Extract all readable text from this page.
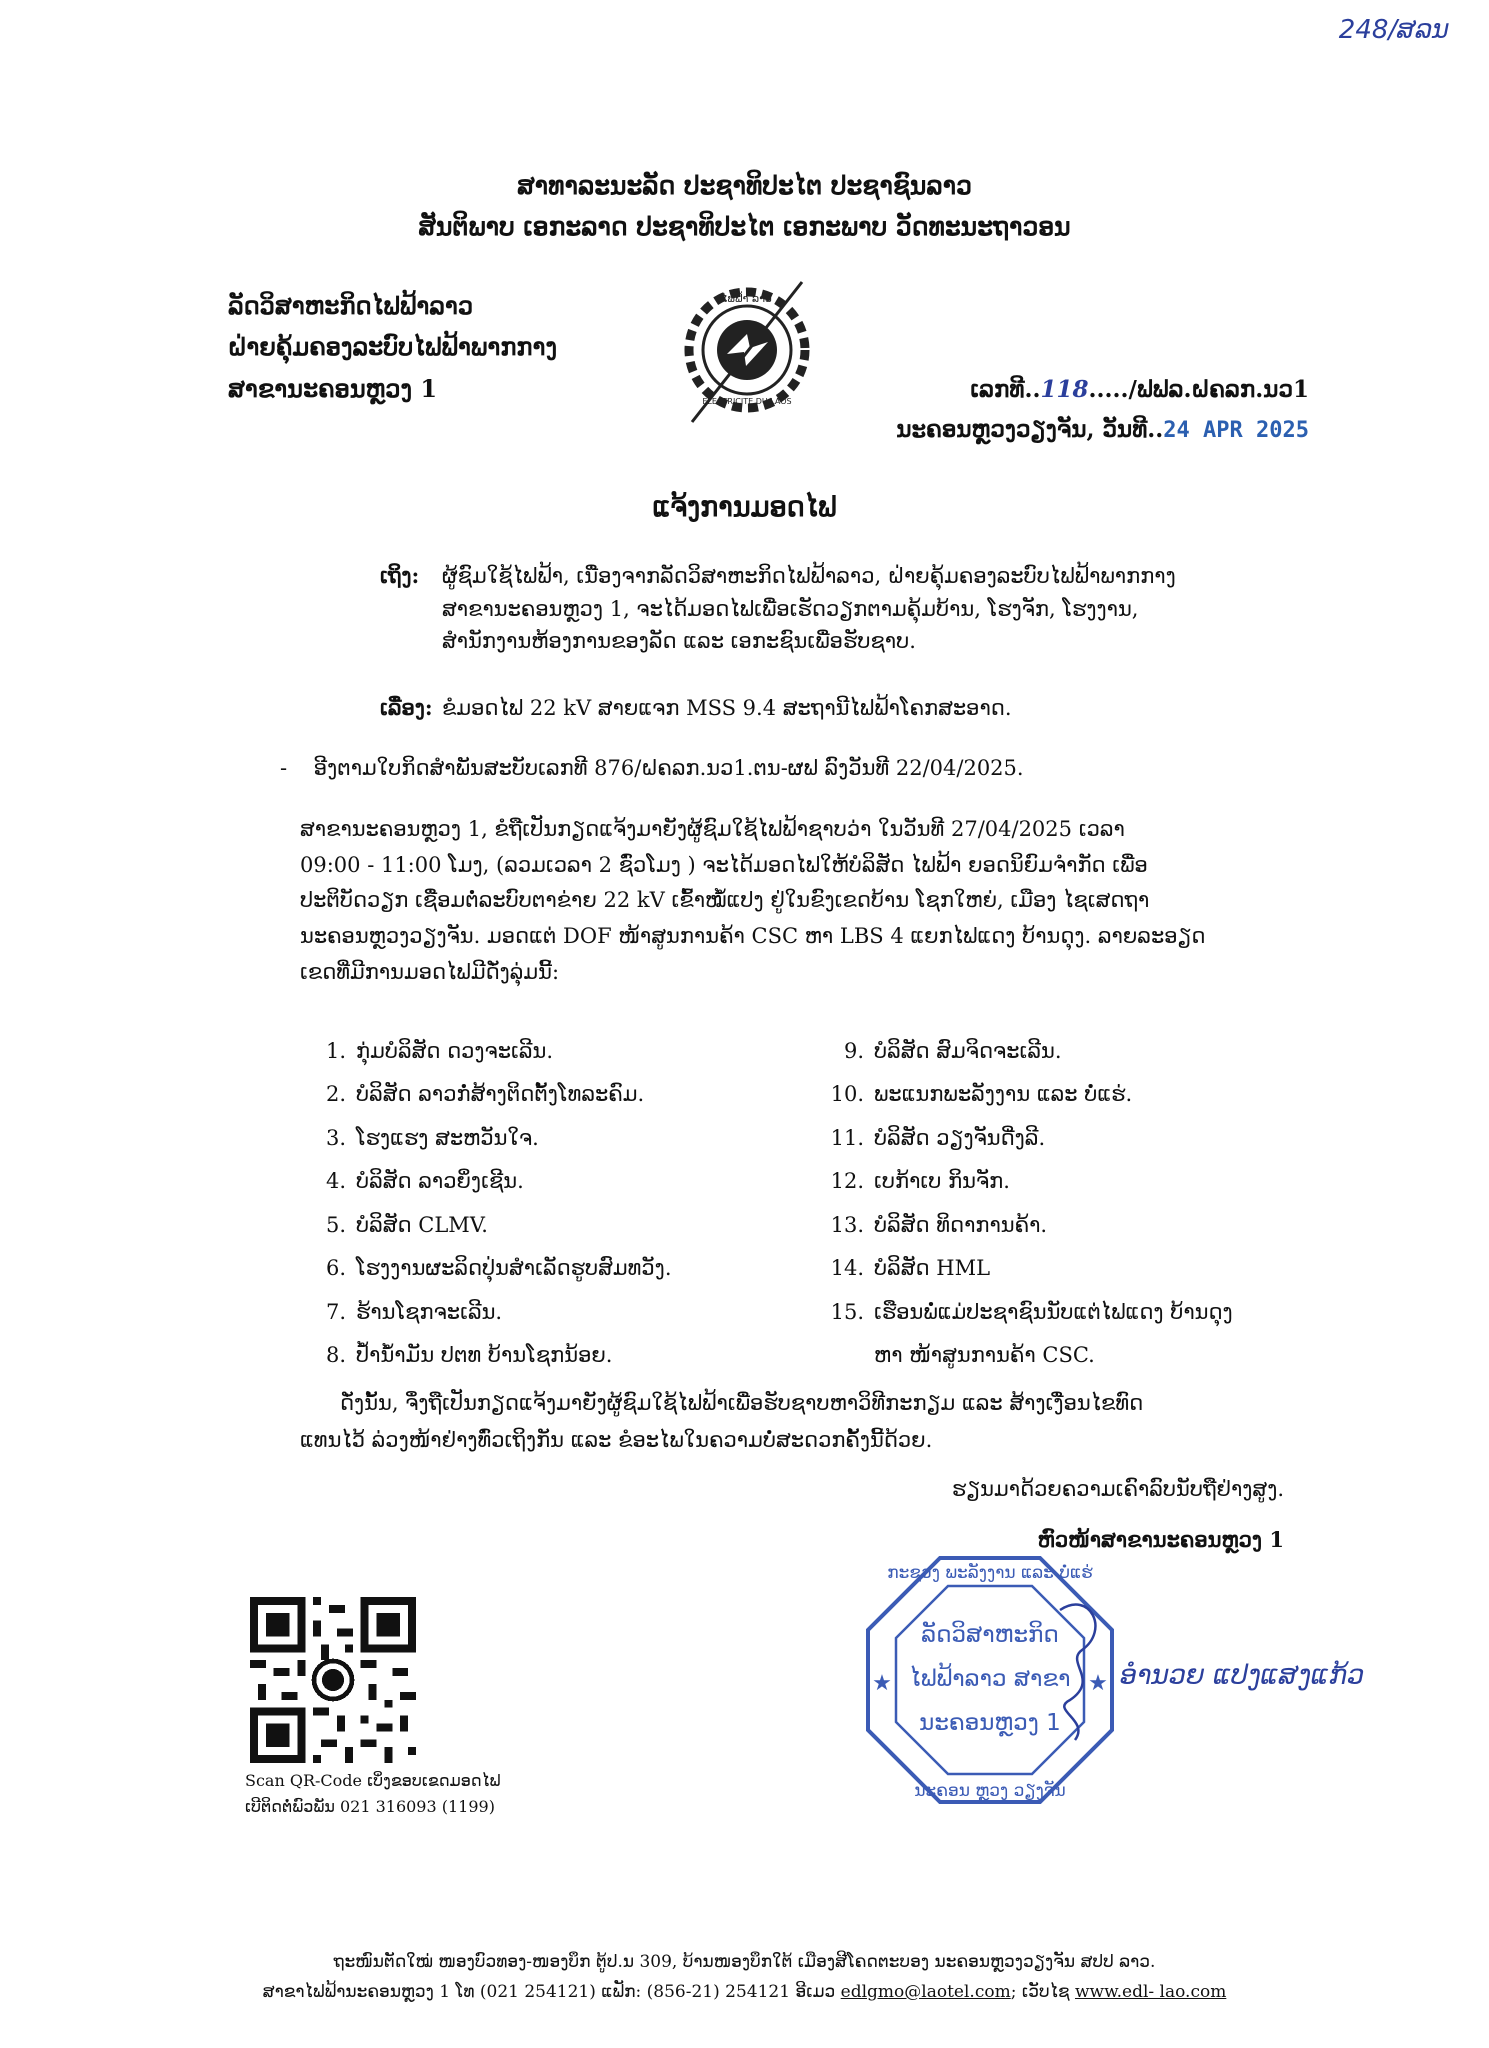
248/ສລນ
ສາທາລະນະລັດ ປະຊາທິປະໄຕ ປະຊາຊົນລາວ
ສັນຕິພາບ ເອກະລາດ ປະຊາທິປະໄຕ ເອກະພາບ ວັດທະນະຖາວອນ
ລັດວິສາຫະກິດໄຟຟ້າລາວ
ຝ່າຍຄຸ້ມຄອງລະບົບໄຟຟ້າພາກກາງ
ສາຂານະຄອນຫຼວງ 1
ໄຟຟ້າ ລາວ
ELECTRICITE DU LAOS	ເລກທີ..118...../ຟຟລ.ຝຄລກ.ນວ1
ນະຄອນຫຼວງວຽງຈັນ, ວັນທີ..24 APR 2025
ແຈ້ງການມອດໄຟ
ເຖິງ: ຜູ້ຊົມໃຊ້ໄຟຟ້າ, ເນື່ອງຈາກລັດວິສາຫະກິດໄຟຟ້າລາວ, ຝ່າຍຄຸ້ມຄອງລະບົບໄຟຟ້າພາກກາງ
ສາຂານະຄອນຫຼວງ 1, ຈະໄດ້ມອດໄຟເພື່ອເຮັດວຽກຕາມຄຸ້ມບ້ານ, ໂຮງຈັກ, ໂຮງງານ,
ສຳນັກງານຫ້ອງການຂອງລັດ ແລະ ເອກະຊົນເພື່ອຮັບຊາບ.
ເລື່ອງ: ຂໍມອດໄຟ 22 kV ສາຍແຈກ MSS 9.4 ສະຖານີໄຟຟ້າໂຄກສະອາດ.
-    ອີງຕາມໃບກິດສຳພັນສະບັບເລກທີ 876/ຝຄລກ.ນວ1.ຕນ-ຜຟ ລົງວັນທີ 22/04/2025.
ສາຂານະຄອນຫຼວງ 1, ຂໍຖືເປັນກຽດແຈ້ງມາຍັງຜູ້ຊົມໃຊ້ໄຟຟ້າຊາບວ່າ ໃນວັນທີ 27/04/2025 ເວລາ
09:00 - 11:00 ໂມງ, (ລວມເວລາ 2 ຊົ່ວໂມງ ) ຈະໄດ້ມອດໄຟໃຫ້ບໍລິສັດ ໄຟຟ້າ ຍອດນິຍົມຈຳກັດ ເພື່ອ
ປະຕິບັດວຽກ ເຊື່ອມຕໍ່ລະບົບຕາຂ່າຍ 22 kV ເຂົ້າໝໍ້ແປງ ຢູ່ໃນຂົງເຂດບ້ານ ໂຊກໃຫຍ່, ເມືອງ ໄຊເສດຖາ
ນະຄອນຫຼວງວຽງຈັນ. ມອດແຕ່ DOF ໜ້າສູນການຄ້າ CSC ຫາ LBS 4 ແຍກໄຟແດງ ບ້ານດຸງ. ລາຍລະອຽດ
ເຂດທີ່ມີການມອດໄຟມີດັ່ງລຸ່ມນີ້:
1. ກຸ່ມບໍລິສັດ ດວງຈະເລີນ.
2. ບໍລິສັດ ລາວກໍ່ສ້າງຕິດຕັ້ງໂທລະຄົມ.
3. ໂຮງແຮງ ສະຫວັນໃຈ.
4. ບໍລິສັດ ລາວຍິ່ງເຊີນ.
5. ບໍລິສັດ CLMV.
6. ໂຮງງານຜະລິດປຸ່ນສຳເລັດຮູບສົມທວັງ.
7. ຮ້ານໂຊກຈະເລີນ.
8. ປໍ້ານໍ້າມັນ ປຕທ ບ້ານໂຊກນ້ອຍ.
9. ບໍລິສັດ ສົມຈິດຈະເລີນ.
10. ພະແນກພະລັງງານ ແລະ ບໍ່ແຮ່.
11. ບໍລິສັດ ວຽງຈັນດີ່ງລີ.
12. ເບກ້າເບ ກິນຈັກ.
13. ບໍລິສັດ ທິດາການຄ້າ.
14. ບໍລິສັດ HML
15. ເຮືອນພໍ່ແມ່ປະຊາຊົນນັບແຕ່ໄຟແດງ ບ້ານດຸງ
ຫາ ໜ້າສູນການຄ້າ CSC.

ດັ່ງນັ້ນ, ຈຶ່ງຖືເປັນກຽດແຈ້ງມາຍັງຜູ້ຊົມໃຊ້ໄຟຟ້າເພື່ອຮັບຊາບຫາວິທີກະກຽມ ແລະ ສ້າງເງື່ອນໄຂທົດ

ແທນໄວ້ ລ່ວງໜ້າຢ່າງທົ່ວເຖິງກັນ ແລະ ຂໍອະໄພໃນຄວາມບໍ່ສະດວກຄັ້ງນີ້ດ້ວຍ.

ຮຽນມາດ້ວຍຄວາມເຄົາລົບນັບຖືຢ່າງສູງ.
ຫົວໜ້າສາຂານະຄອນຫຼວງ 1
ກະຊວງ ພະລັງງານ ແລະ ບໍ່ແຮ່
ລັດວິສາຫະກິດ
ໄຟຟ້າລາວ ສາຂາ
ນະຄອນຫຼວງ 1
ນະຄອນ ຫຼວງ ວຽງຈັນ
★	★ ອຳນວຍ ແປງແສງແກ້ວ
Scan QR-Code ເບິ່ງຂອບເຂດມອດໄຟ
ເບີຕິດຕໍ່ພົວພັນ 021 316093 (1199)
ຖະໜົນຕັດໃໝ່ ໜອງບົວທອງ-ໜອງບຶກ ຕູ້ປ.ນ 309, ບ້ານໜອງບຶກໃຕ້ ເມືອງສີໂຄດຕະບອງ ນະຄອນຫຼວງວຽງຈັນ ສປປ ລາວ.
ສາຂາໄຟຟ້ານະຄອນຫຼວງ 1 ໂທ (021 254121) ແຟັກ: (856-21) 254121 ອີເມວ edlgmo@laotel.com; ເວັບໄຊ www.edl- lao.com
